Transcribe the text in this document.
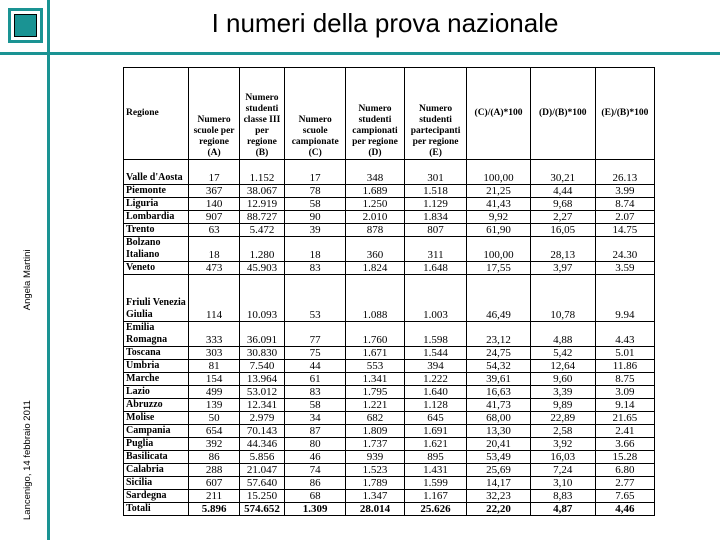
I numeri della prova nazionale
Lancenigo, 14 febbraio 2011Angela Martini
Regione	Numero scuole per regione (A)	Numero studenti classe III per regione (B)	Numero scuole campionate (C)	Numero studenti campionati per regione (D)	Numero studenti partecipanti per regione (E)	(C)/(A)*100	(D)/(B)*100	(E)/(B)*100
Valle d'Aosta	17	1.152	17	348	301	100,00	30,21	26.13
Piemonte	367	38.067	78	1.689	1.518	21,25	4,44	3.99
Liguria	140	12.919	58	1.250	1.129	41,43	9,68	8.74
Lombardia	907	88.727	90	2.010	1.834	9,92	2,27	2.07
Trento	63	5.472	39	878	807	61,90	16,05	14.75
Bolzano Italiano	18	1.280	18	360	311	100,00	28,13	24.30
Veneto	473	45.903	83	1.824	1.648	17,55	3,97	3.59
Friuli Venezia Giulia	114	10.093	53	1.088	1.003	46,49	10,78	9.94
Emilia Romagna	333	36.091	77	1.760	1.598	23,12	4,88	4.43
Toscana	303	30.830	75	1.671	1.544	24,75	5,42	5.01
Umbria	81	7.540	44	553	394	54,32	12,64	11.86
Marche	154	13.964	61	1.341	1.222	39,61	9,60	8.75
Lazio	499	53.012	83	1.795	1.640	16,63	3,39	3.09
Abruzzo	139	12.341	58	1.221	1.128	41,73	9,89	9.14
Molise	50	2.979	34	682	645	68,00	22,89	21.65
Campania	654	70.143	87	1.809	1.691	13,30	2,58	2.41
Puglia	392	44.346	80	1.737	1.621	20,41	3,92	3.66
Basilicata	86	5.856	46	939	895	53,49	16,03	15.28
Calabria	288	21.047	74	1.523	1.431	25,69	7,24	6.80
Sicilia	607	57.640	86	1.789	1.599	14,17	3,10	2.77
Sardegna	211	15.250	68	1.347	1.167	32,23	8,83	7.65
Totali	5.896	574.652	1.309	28.014	25.626	22,20	4,87	4,46
